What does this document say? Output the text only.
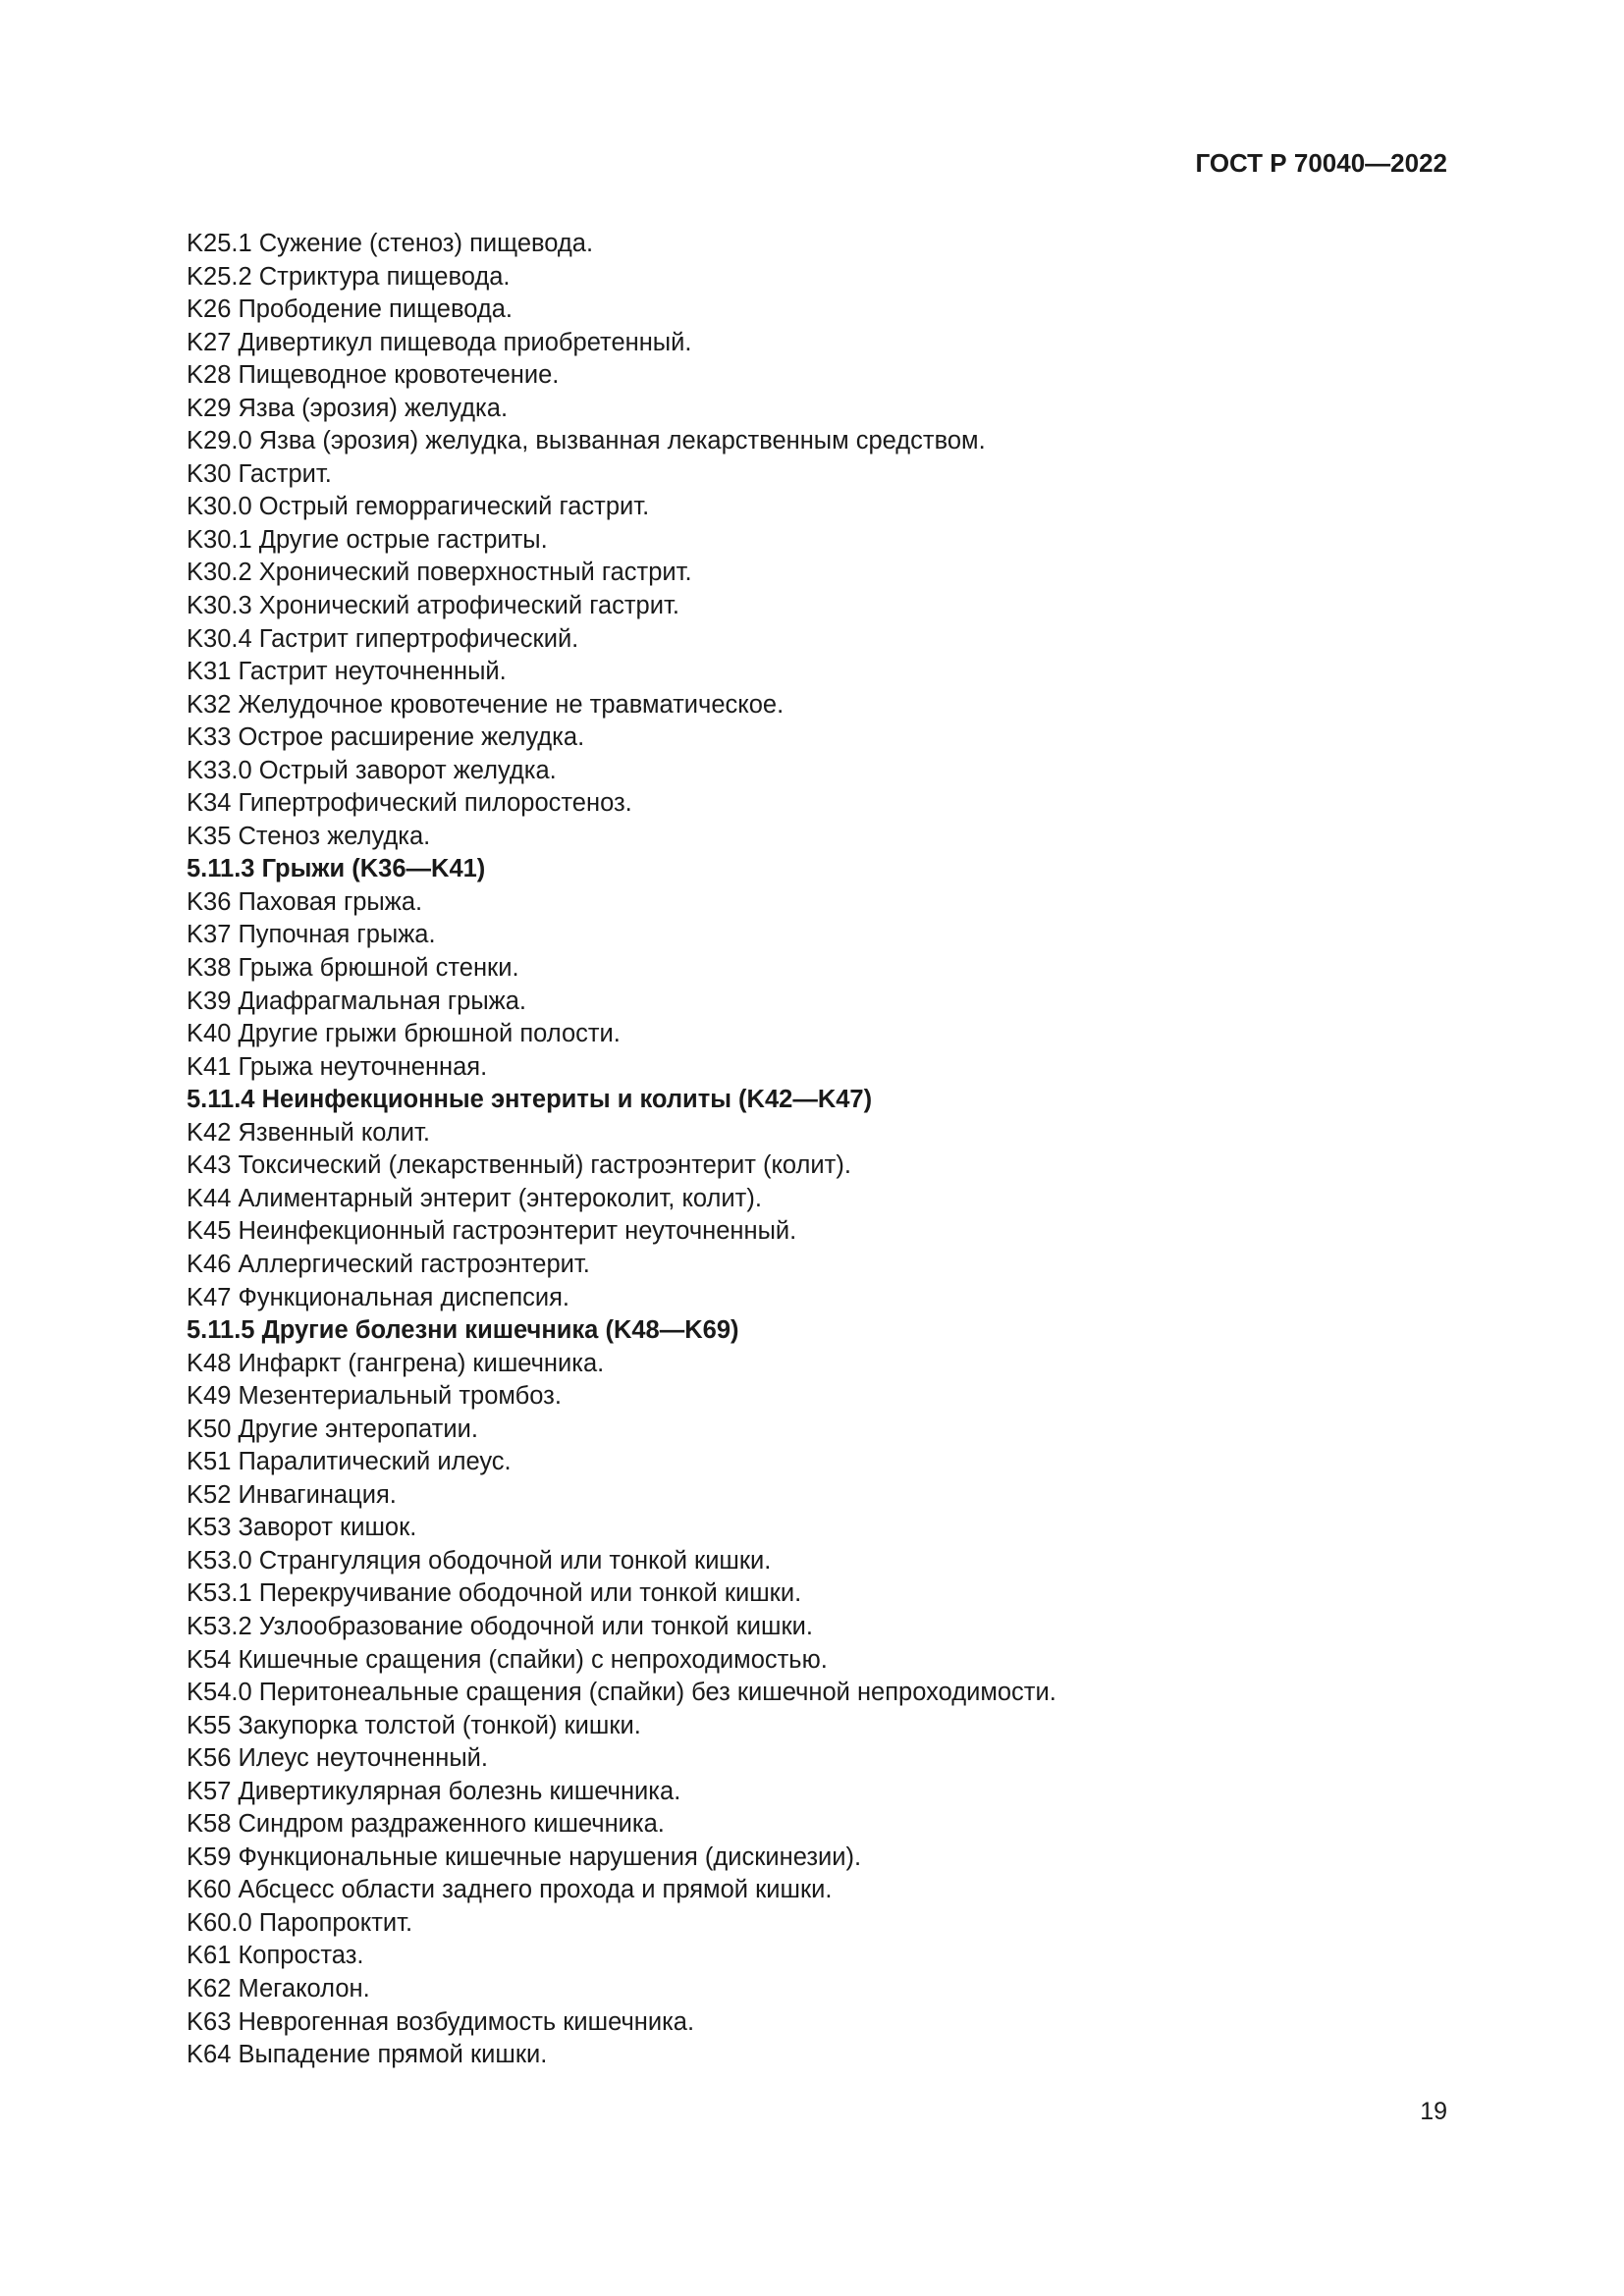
ГОСТ Р 70040—2022
K25.1 Сужение (стеноз) пищевода.
K25.2 Стриктура пищевода.
K26 Прободение пищевода.
K27 Дивертикул пищевода приобретенный.
K28 Пищеводное кровотечение.
K29 Язва (эрозия) желудка.
K29.0 Язва (эрозия) желудка, вызванная лекарственным средством.
K30 Гастрит.
K30.0 Острый геморрагический гастрит.
K30.1 Другие острые гастриты.
K30.2 Хронический поверхностный гастрит.
K30.3 Хронический атрофический гастрит.
K30.4 Гастрит гипертрофический.
K31 Гастрит неуточненный.
K32 Желудочное кровотечение не травматическое.
K33 Острое расширение желудка.
K33.0 Острый заворот желудка.
K34 Гипертрофический пилоростеноз.
K35 Стеноз желудка.
5.11.3 Грыжи (K36—K41)
K36 Паховая грыжа.
K37 Пупочная грыжа.
K38 Грыжа брюшной стенки.
K39 Диафрагмальная грыжа.
K40 Другие грыжи брюшной полости.
K41 Грыжа неуточненная.
5.11.4 Неинфекционные энтериты и колиты (K42—K47)
K42 Язвенный колит.
K43 Токсический (лекарственный) гастроэнтерит (колит).
K44 Алиментарный энтерит (энтероколит, колит).
K45 Неинфекционный гастроэнтерит неуточненный.
K46 Аллергический гастроэнтерит.
K47 Функциональная диспепсия.
5.11.5 Другие болезни кишечника (K48—K69)
K48 Инфаркт (гангрена) кишечника.
K49 Мезентериальный тромбоз.
K50 Другие энтеропатии.
K51 Паралитический илеус.
K52 Инвагинация.
K53 Заворот кишок.
K53.0 Странгуляция ободочной или тонкой кишки.
K53.1 Перекручивание ободочной или тонкой кишки.
K53.2 Узлообразование ободочной или тонкой кишки.
K54 Кишечные сращения (спайки) с непроходимостью.
K54.0 Перитонеальные сращения (спайки) без кишечной непроходимости.
K55 Закупорка толстой (тонкой) кишки.
K56 Илеус неуточненный.
K57 Дивертикулярная болезнь кишечника.
K58 Синдром раздраженного кишечника.
K59 Функциональные кишечные нарушения (дискинезии).
K60 Абсцесс области заднего прохода и прямой кишки.
K60.0 Паропроктит.
K61 Копростаз.
K62 Мегаколон.
K63 Неврогенная возбудимость кишечника.
K64 Выпадение прямой кишки.
19
